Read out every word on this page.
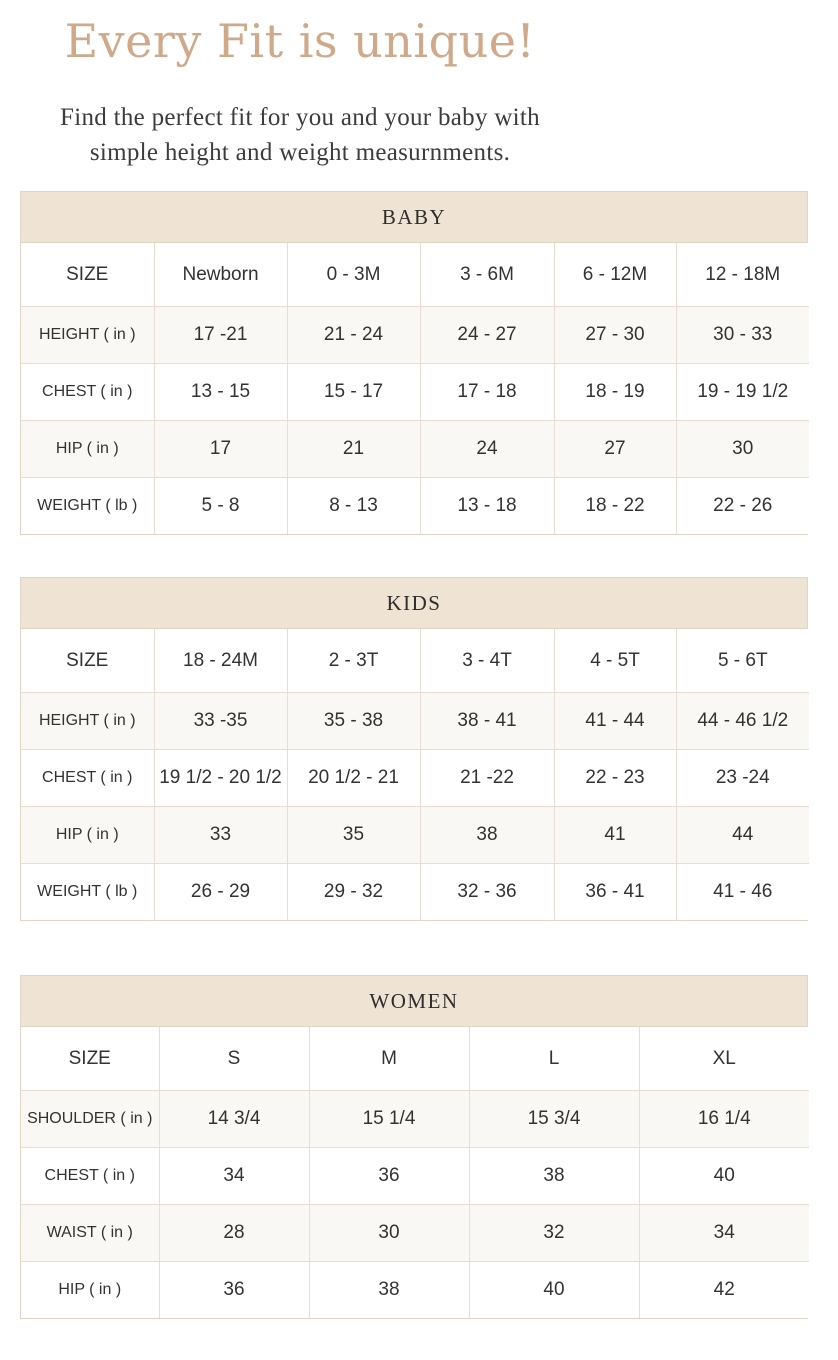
Every Fit is unique!
Find the perfect fit for you and your baby with
simple height and weight measurnments.
BABY
SIZE	Newborn	0 - 3M	3 - 6M	6 - 12M	12 - 18M
HEIGHT ( in )	17 -21	21 - 24	24 - 27	27 - 30	30 - 33
CHEST ( in )	13 - 15	15 - 17	17 - 18	18 - 19	19 - 19 1/2
HIP ( in )	17	21	24	27	30
WEIGHT ( lb )	5 - 8	8 - 13	13 - 18	18 - 22	22 - 26
KIDS
SIZE	18 - 24M	2 - 3T	3 - 4T	4 - 5T	5 - 6T
HEIGHT ( in )	33 -35	35 - 38	38 - 41	41 - 44	44 - 46 1/2
CHEST ( in )	19 1/2 - 20 1/2	20 1/2 - 21	21 -22	22 - 23	23 -24
HIP ( in )	33	35	38	41	44
WEIGHT ( lb )	26 - 29	29 - 32	32 - 36	36 - 41	41 - 46
WOMEN
SIZE	S	M	L	XL
SHOULDER ( in )	14 3/4	15 1/4	15 3/4	16 1/4
CHEST ( in )	34	36	38	40
WAIST ( in )	28	30	32	34
HIP ( in )	36	38	40	42
